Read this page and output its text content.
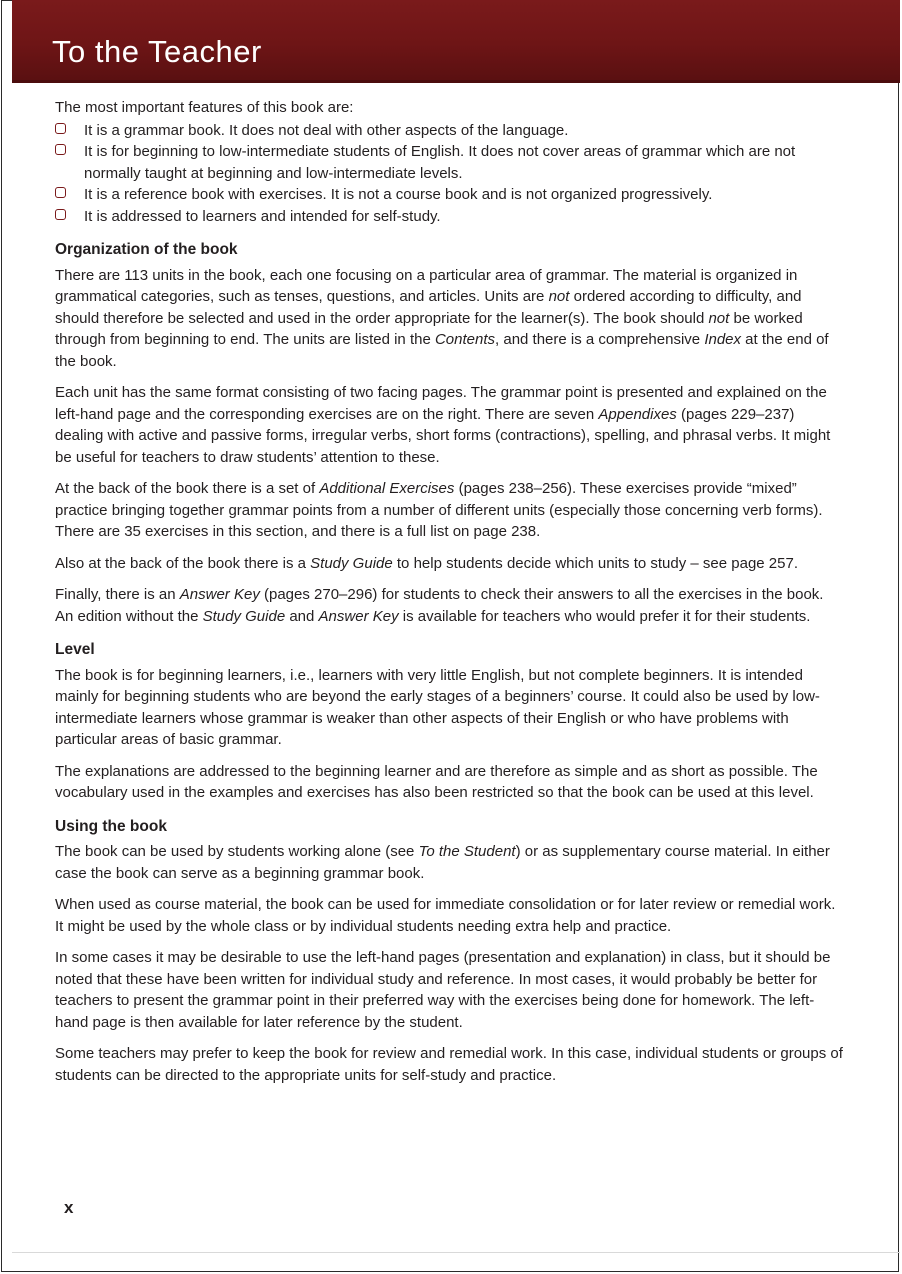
To the Teacher

The most important features of this book are:

It is a grammar book. It does not deal with other aspects of the language.
It is for beginning to low-intermediate students of English. It does not cover areas of grammar which are not normally taught at beginning and low-intermediate levels.
It is a reference book with exercises. It is not a course book and is not organized progressively.
It is addressed to learners and intended for self-study.
Organization of the book

There are 113 units in the book, each one focusing on a particular area of grammar. The material is organized in grammatical categories, such as tenses, questions, and articles. Units are not ordered according to difficulty, and should therefore be selected and used in the order appropriate for the learner(s). The book should not be worked through from beginning to end. The units are listed in the Contents, and there is a comprehensive Index at the end of the book.

Each unit has the same format consisting of two facing pages. The grammar point is presented and explained on the left-hand page and the corresponding exercises are on the right. There are seven Appendixes (pages 229–237) dealing with active and passive forms, irregular verbs, short forms (contractions), spelling, and phrasal verbs. It might be useful for teachers to draw students’ attention to these.

At the back of the book there is a set of Additional Exercises (pages 238–256). These exercises provide “mixed” practice bringing together grammar points from a number of different units (especially those concerning verb forms). There are 35 exercises in this section, and there is a full list on page 238.

Also at the back of the book there is a Study Guide to help students decide which units to study – see page 257.

Finally, there is an Answer Key (pages 270–296) for students to check their answers to all the exercises in the book. An edition without the Study Guide and Answer Key is available for teachers who would prefer it for their students.

Level

The book is for beginning learners, i.e., learners with very little English, but not complete beginners. It is intended mainly for beginning students who are beyond the early stages of a beginners’ course. It could also be used by low-intermediate learners whose grammar is weaker than other aspects of their English or who have problems with particular areas of basic grammar.

The explanations are addressed to the beginning learner and are therefore as simple and as short as possible. The vocabulary used in the examples and exercises has also been restricted so that the book can be used at this level.

Using the book

The book can be used by students working alone (see To the Student) or as supplementary course material. In either case the book can serve as a beginning grammar book.

When used as course material, the book can be used for immediate consolidation or for later review or remedial work. It might be used by the whole class or by individual students needing extra help and practice.

In some cases it may be desirable to use the left-hand pages (presentation and explanation) in class, but it should be noted that these have been written for individual study and reference. In most cases, it would probably be better for teachers to present the grammar point in their preferred way with the exercises being done for homework. The left-hand page is then available for later reference by the student.

Some teachers may prefer to keep the book for review and remedial work. In this case, individual students or groups of students can be directed to the appropriate units for self-study and practice.

x
